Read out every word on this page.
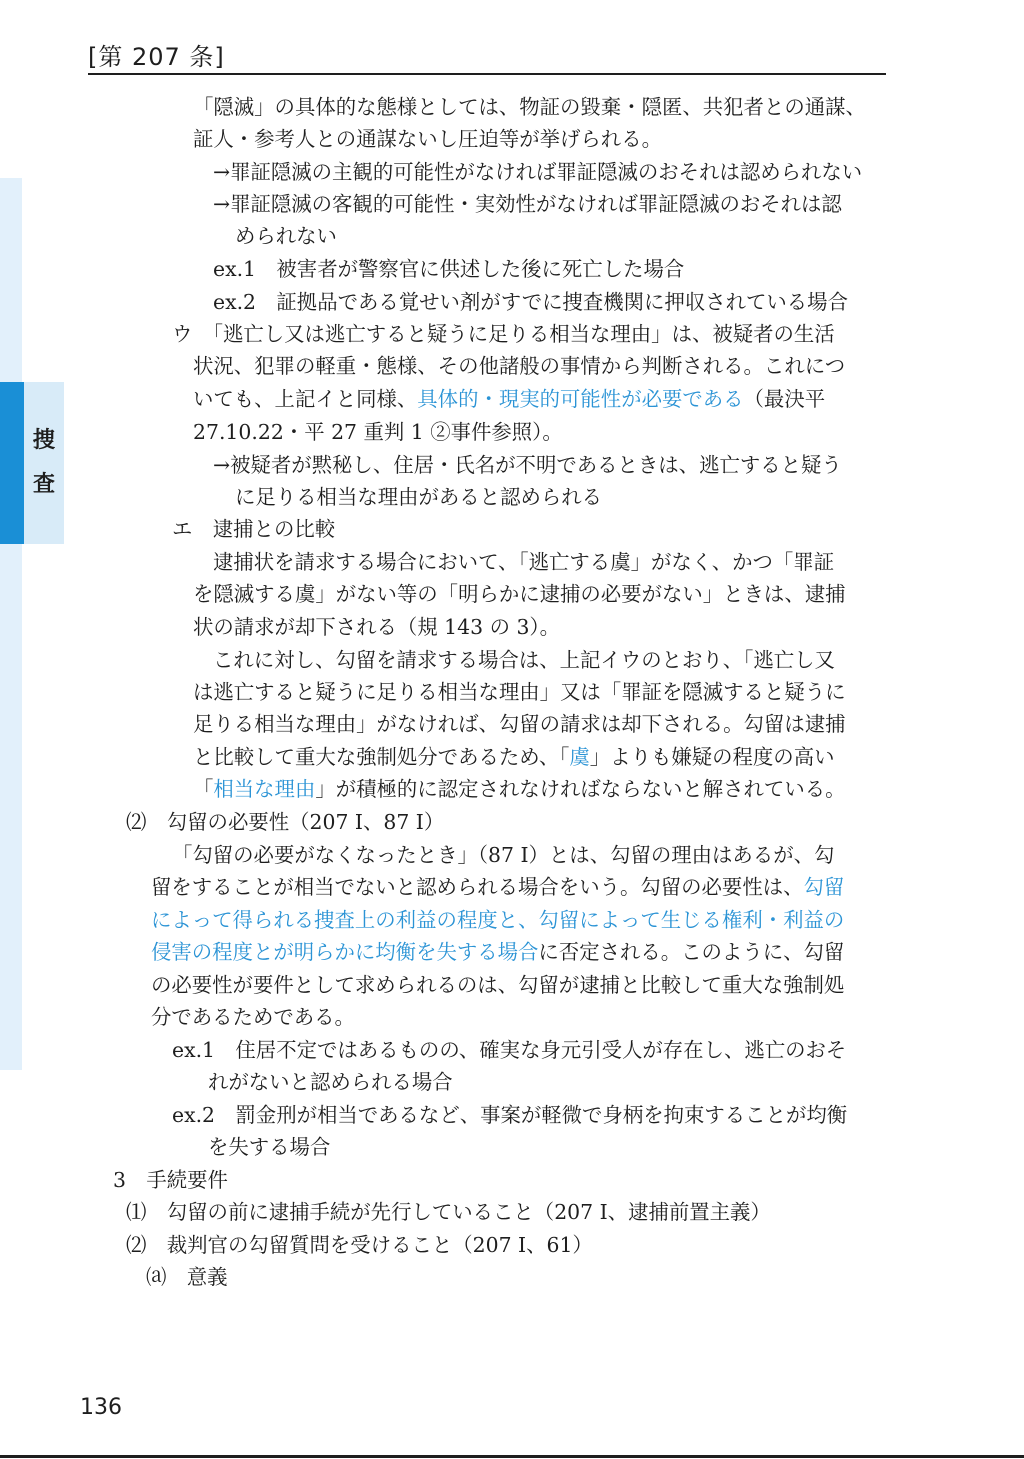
[第 207 条]
捜
査
「隠滅」の具体的な態様としては、物証の毀棄・隠匿、共犯者との通謀、
証人・参考人との通謀ないし圧迫等が挙げられる。
→罪証隠滅の主観的可能性がなければ罪証隠滅のおそれは認められない
→罪証隠滅の客観的可能性・実効性がなければ罪証隠滅のおそれは認
められない
ex.1　被害者が警察官に供述した後に死亡した場合
ex.2　証拠品である覚せい剤がすでに捜査機関に押収されている場合
ウ　「逃亡し又は逃亡すると疑うに足りる相当な理由」は、被疑者の生活
状況、犯罪の軽重・態様、その他諸般の事情から判断される。これにつ
いても、上記イと同様、具体的・現実的可能性が必要である（最決平
27.10.22・平 27 重判 1 ②事件参照）。
→被疑者が黙秘し、住居・氏名が不明であるときは、逃亡すると疑う
に足りる相当な理由があると認められる
エ　逮捕との比較
逮捕状を請求する場合において、「逃亡する虞」がなく、かつ「罪証
を隠滅する虞」がない等の「明らかに逮捕の必要がない」ときは、逮捕
状の請求が却下される（規 143 の 3）。
これに対し、勾留を請求する場合は、上記イウのとおり、「逃亡し又
は逃亡すると疑うに足りる相当な理由」又は「罪証を隠滅すると疑うに
足りる相当な理由」がなければ、勾留の請求は却下される。勾留は逮捕
と比較して重大な強制処分であるため、「虞」よりも嫌疑の程度の高い
「相当な理由」が積極的に認定されなければならないと解されている。
⑵　勾留の必要性（207 Ⅰ、87 Ⅰ）
「勾留の必要がなくなったとき」（87 Ⅰ）とは、勾留の理由はあるが、勾
留をすることが相当でないと認められる場合をいう。勾留の必要性は、勾留
によって得られる捜査上の利益の程度と、勾留によって生じる権利・利益の
侵害の程度とが明らかに均衡を失する場合に否定される。このように、勾留
の必要性が要件として求められるのは、勾留が逮捕と比較して重大な強制処
分であるためである。
ex.1　住居不定ではあるものの、確実な身元引受人が存在し、逃亡のおそ
れがないと認められる場合
ex.2　罰金刑が相当であるなど、事案が軽微で身柄を拘束することが均衡
を失する場合
3　手続要件
⑴　勾留の前に逮捕手続が先行していること（207 Ⅰ、逮捕前置主義）
⑵　裁判官の勾留質問を受けること（207 Ⅰ、61）
⒜　意義
136
